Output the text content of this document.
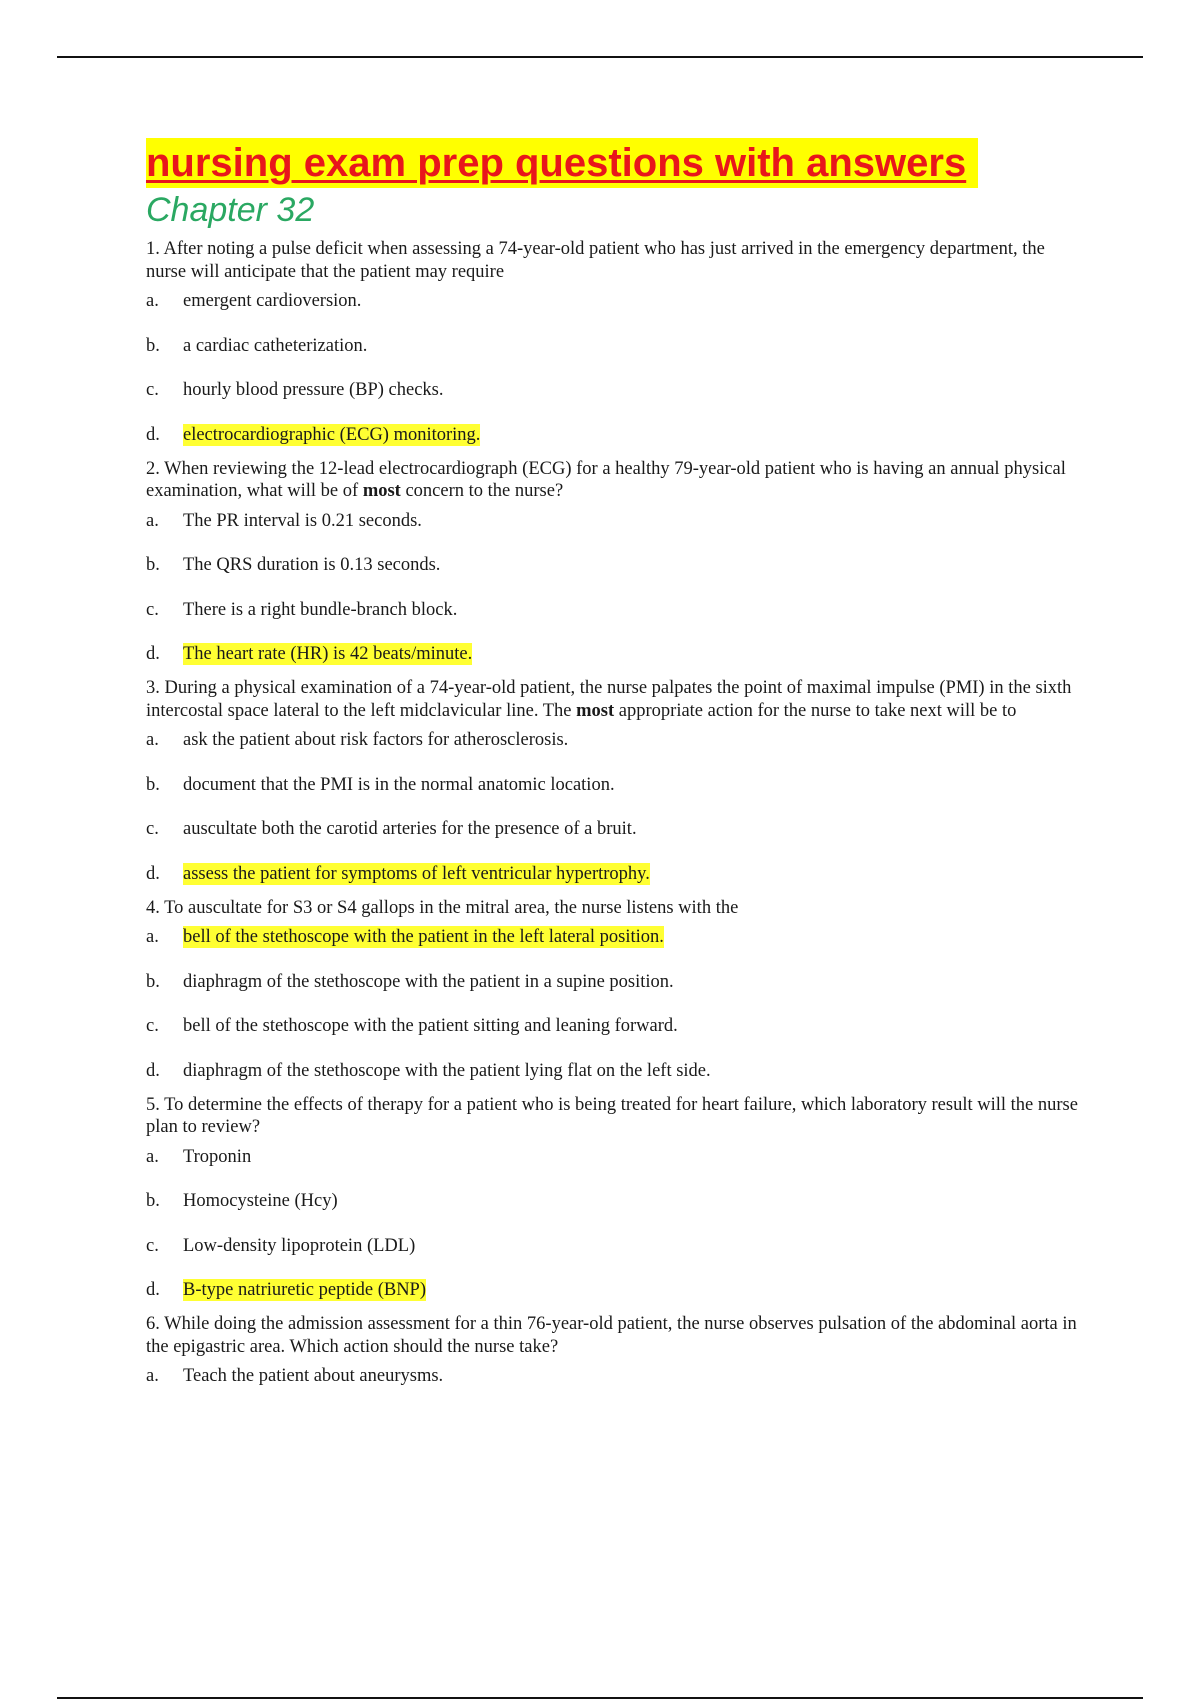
nursing exam prep questions with answers
Chapter 32

1. After noting a pulse deficit when assessing a 74-year-old patient who has just arrived in the emergency department, the nurse will anticipate that the patient may require

a.	emergent cardioversion.
b.	a cardiac catheterization.
c.	hourly blood pressure (BP) checks.
d.	electrocardiographic (ECG) monitoring.

2. When reviewing the 12-lead electrocardiograph (ECG) for a healthy 79-year-old patient who is having an annual physical examination, what will be of most concern to the nurse?

a.	The PR interval is 0.21 seconds.
b.	The QRS duration is 0.13 seconds.
c.	There is a right bundle-branch block.
d.	The heart rate (HR) is 42 beats/minute.

3. During a physical examination of a 74-year-old patient, the nurse palpates the point of maximal impulse (PMI) in the sixth intercostal space lateral to the left midclavicular line. The most appropriate action for the nurse to take next will be to

a.	ask the patient about risk factors for atherosclerosis.
b.	document that the PMI is in the normal anatomic location.
c.	auscultate both the carotid arteries for the presence of a bruit.
d.	assess the patient for symptoms of left ventricular hypertrophy.

4. To auscultate for S3 or S4 gallops in the mitral area, the nurse listens with the

a.	bell of the stethoscope with the patient in the left lateral position.
b.	diaphragm of the stethoscope with the patient in a supine position.
c.	bell of the stethoscope with the patient sitting and leaning forward.
d.	diaphragm of the stethoscope with the patient lying flat on the left side.

5. To determine the effects of therapy for a patient who is being treated for heart failure, which laboratory result will the nurse plan to review?

a.	Troponin
b.	Homocysteine (Hcy)
c.	Low-density lipoprotein (LDL)
d.	B-type natriuretic peptide (BNP)

6. While doing the admission assessment for a thin 76-year-old patient, the nurse observes pulsation of the abdominal aorta in the epigastric area. Which action should the nurse take?

a.	Teach the patient about aneurysms.
